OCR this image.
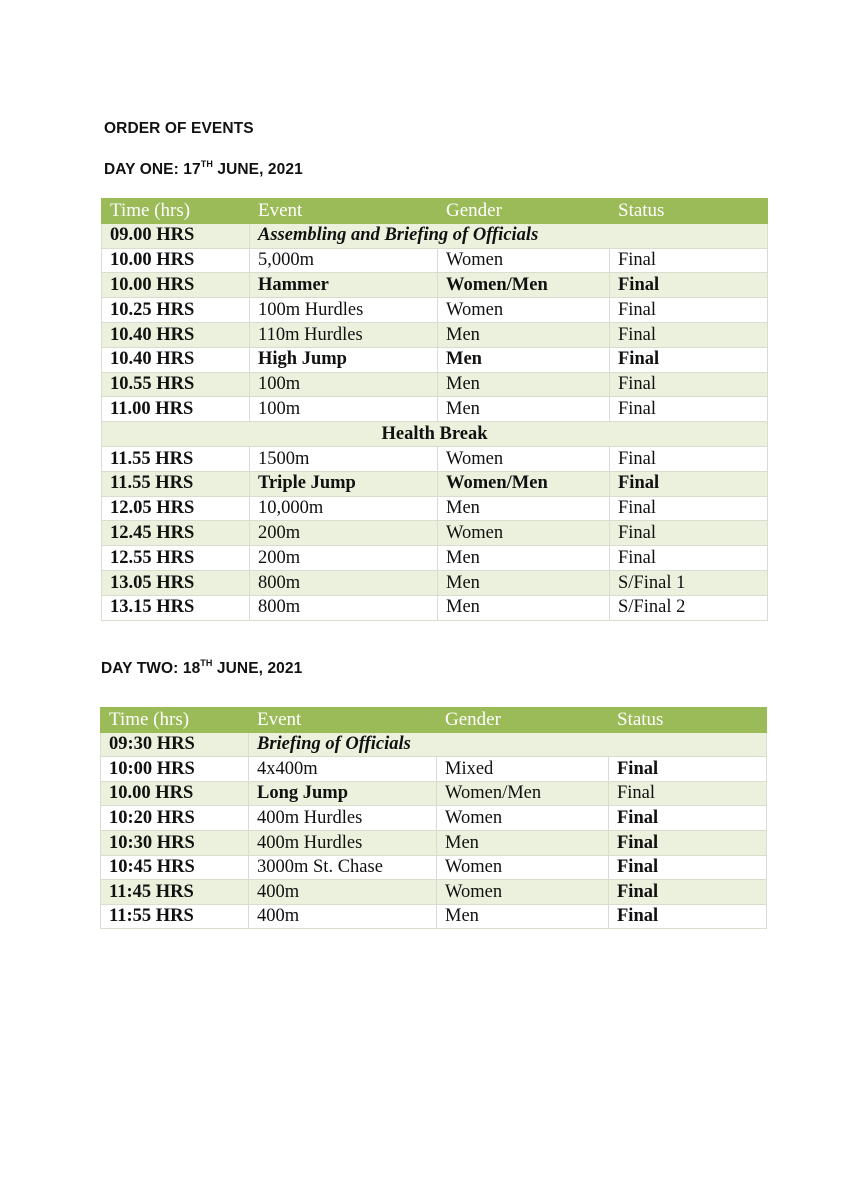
ORDER OF EVENTS
DAY ONE: 17TH JUNE, 2021
Time (hrs)	Event	Gender	Status
09.00 HRS	Assembling and Briefing of Officials		
10.00 HRS	5,000m	Women	Final
10.00 HRS	Hammer	Women/Men	Final
10.25 HRS	100m Hurdles	Women	Final
10.40 HRS	110m Hurdles	Men	Final
10.40 HRS	High Jump	Men	Final
10.55 HRS	100m	Men	Final
11.00 HRS	100m	Men	Final
Health Break			
11.55 HRS	1500m	Women	Final
11.55 HRS	Triple Jump	Women/Men	Final
12.05 HRS	10,000m	Men	Final
12.45 HRS	200m	Women	Final
12.55 HRS	200m	Men	Final
13.05 HRS	800m	Men	S/Final 1
13.15 HRS	800m	Men	S/Final 2
DAY TWO: 18TH JUNE, 2021
Time (hrs)	Event	Gender	Status
09:30 HRS	Briefing of Officials		
10:00 HRS	4x400m	Mixed	Final
10.00 HRS	Long Jump	Women/Men	Final
10:20 HRS	400m Hurdles	Women	Final
10:30 HRS	400m Hurdles	Men	Final
10:45 HRS	3000m St. Chase	Women	Final
11:45 HRS	400m	Women	Final
11:55 HRS	400m	Men	Final
